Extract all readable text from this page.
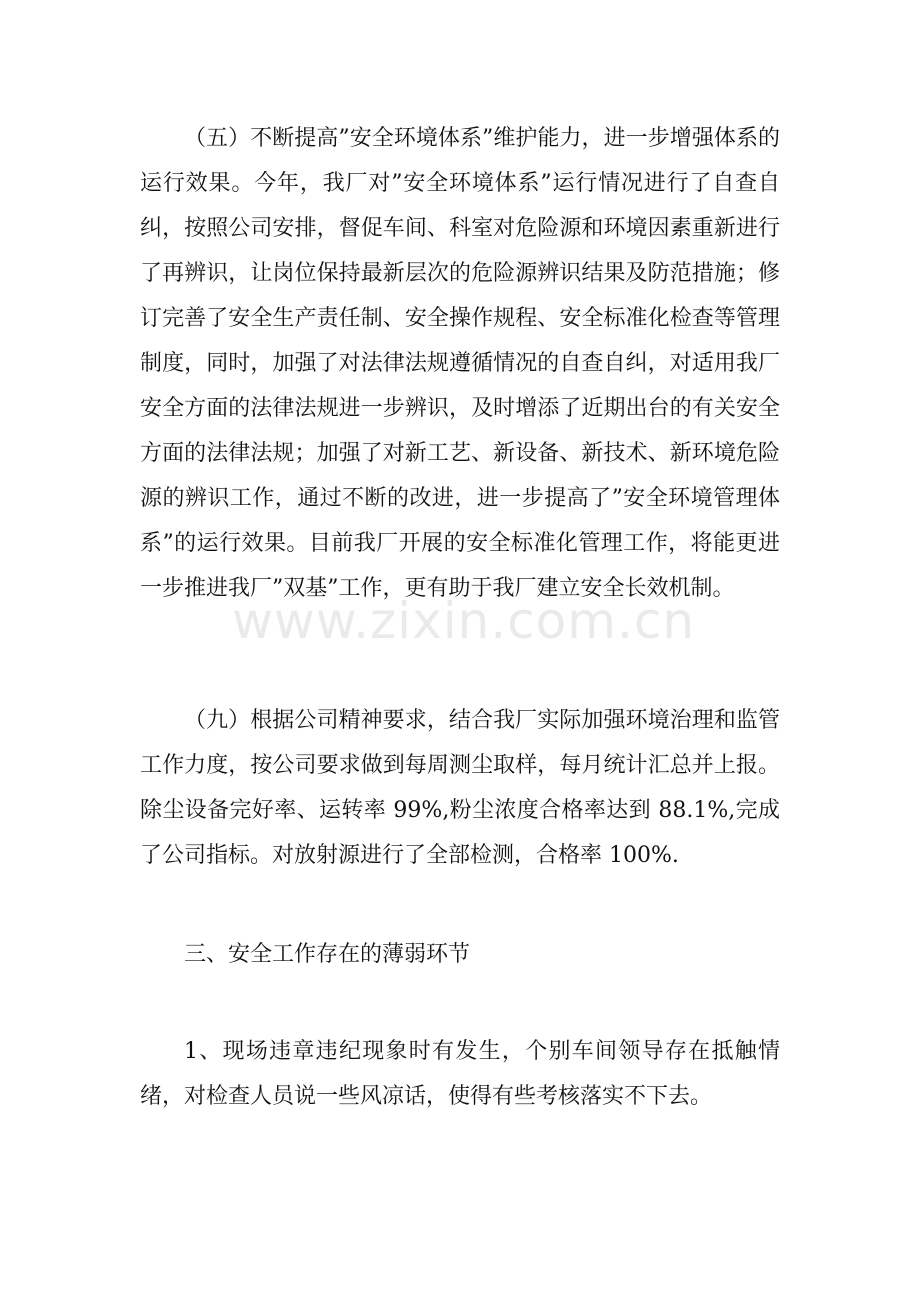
（五）不断提高”安全环境体系”维护能力，进一步增强体系的运行效果。今年，我厂对”安全环境体系”运行情况进行了自查自纠，按照公司安排，督促车间、科室对危险源和环境因素重新进行了再辨识，让岗位保持最新层次的危险源辨识结果及防范措施；修订完善了安全生产责任制、安全操作规程、安全标准化检查等管理制度，同时，加强了对法律法规遵循情况的自查自纠，对适用我厂安全方面的法律法规进一步辨识，及时增添了近期出台的有关安全方面的法律法规；加强了对新工艺、新设备、新技术、新环境危险源的辨识工作，通过不断的改进，进一步提高了”安全环境管理体系”的运行效果。目前我厂开展的安全标准化管理工作，将能更进一步推进我厂”双基”工作，更有助于我厂建立安全长效机制。

www.zixin.com.cn

（九）根据公司精神要求，结合我厂实际加强环境治理和监管工作力度，按公司要求做到每周测尘取样，每月统计汇总并上报。除尘设备完好率、运转率 99%,粉尘浓度合格率达到 88.1%,完成了公司指标。对放射源进行了全部检测，合格率 100%.

三、安全工作存在的薄弱环节

1、现场违章违纪现象时有发生，个别车间领导存在抵触情绪，对检查人员说一些风凉话，使得有些考核落实不下去。
